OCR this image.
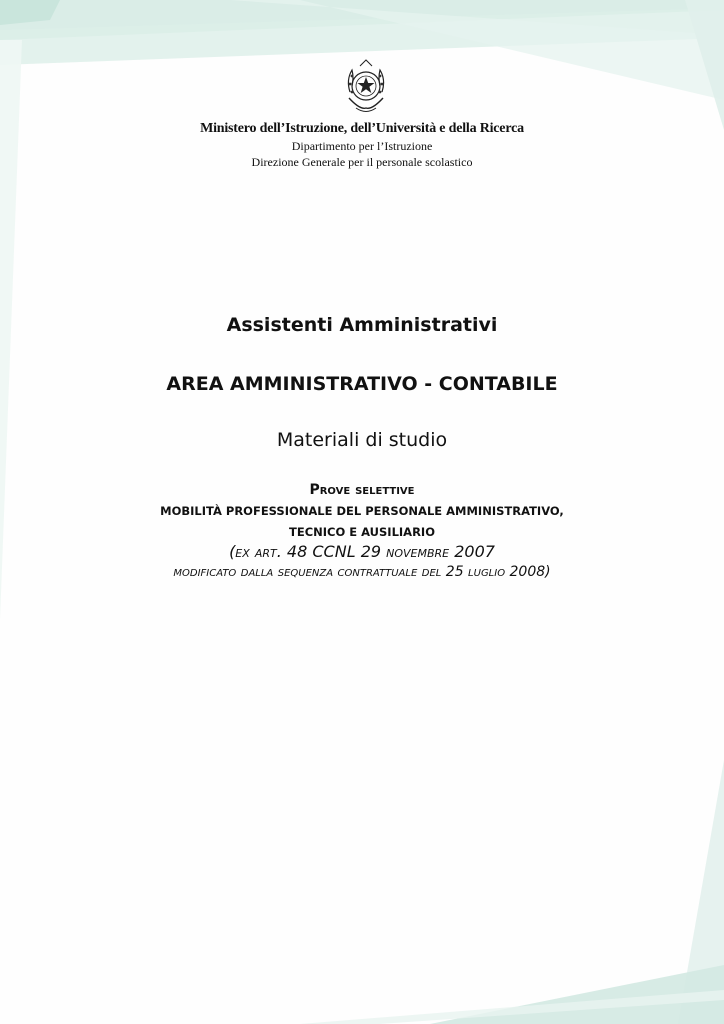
Ministero dell’Istruzione, dell’Università e della Ricerca
Dipartimento per l’Istruzione
Direzione Generale per il personale scolastico
Assistenti Amministrativi
AREA AMMINISTRATIVO - CONTABILE
Materiali di studio
Prove selettive
MOBILITÀ PROFESSIONALE DEL PERSONALE AMMINISTRATIVO,
TECNICO E AUSILIARIO
(ex art. 48 CCNL 29 novembre 2007
modificato dalla sequenza contrattuale del 25 luglio 2008)
